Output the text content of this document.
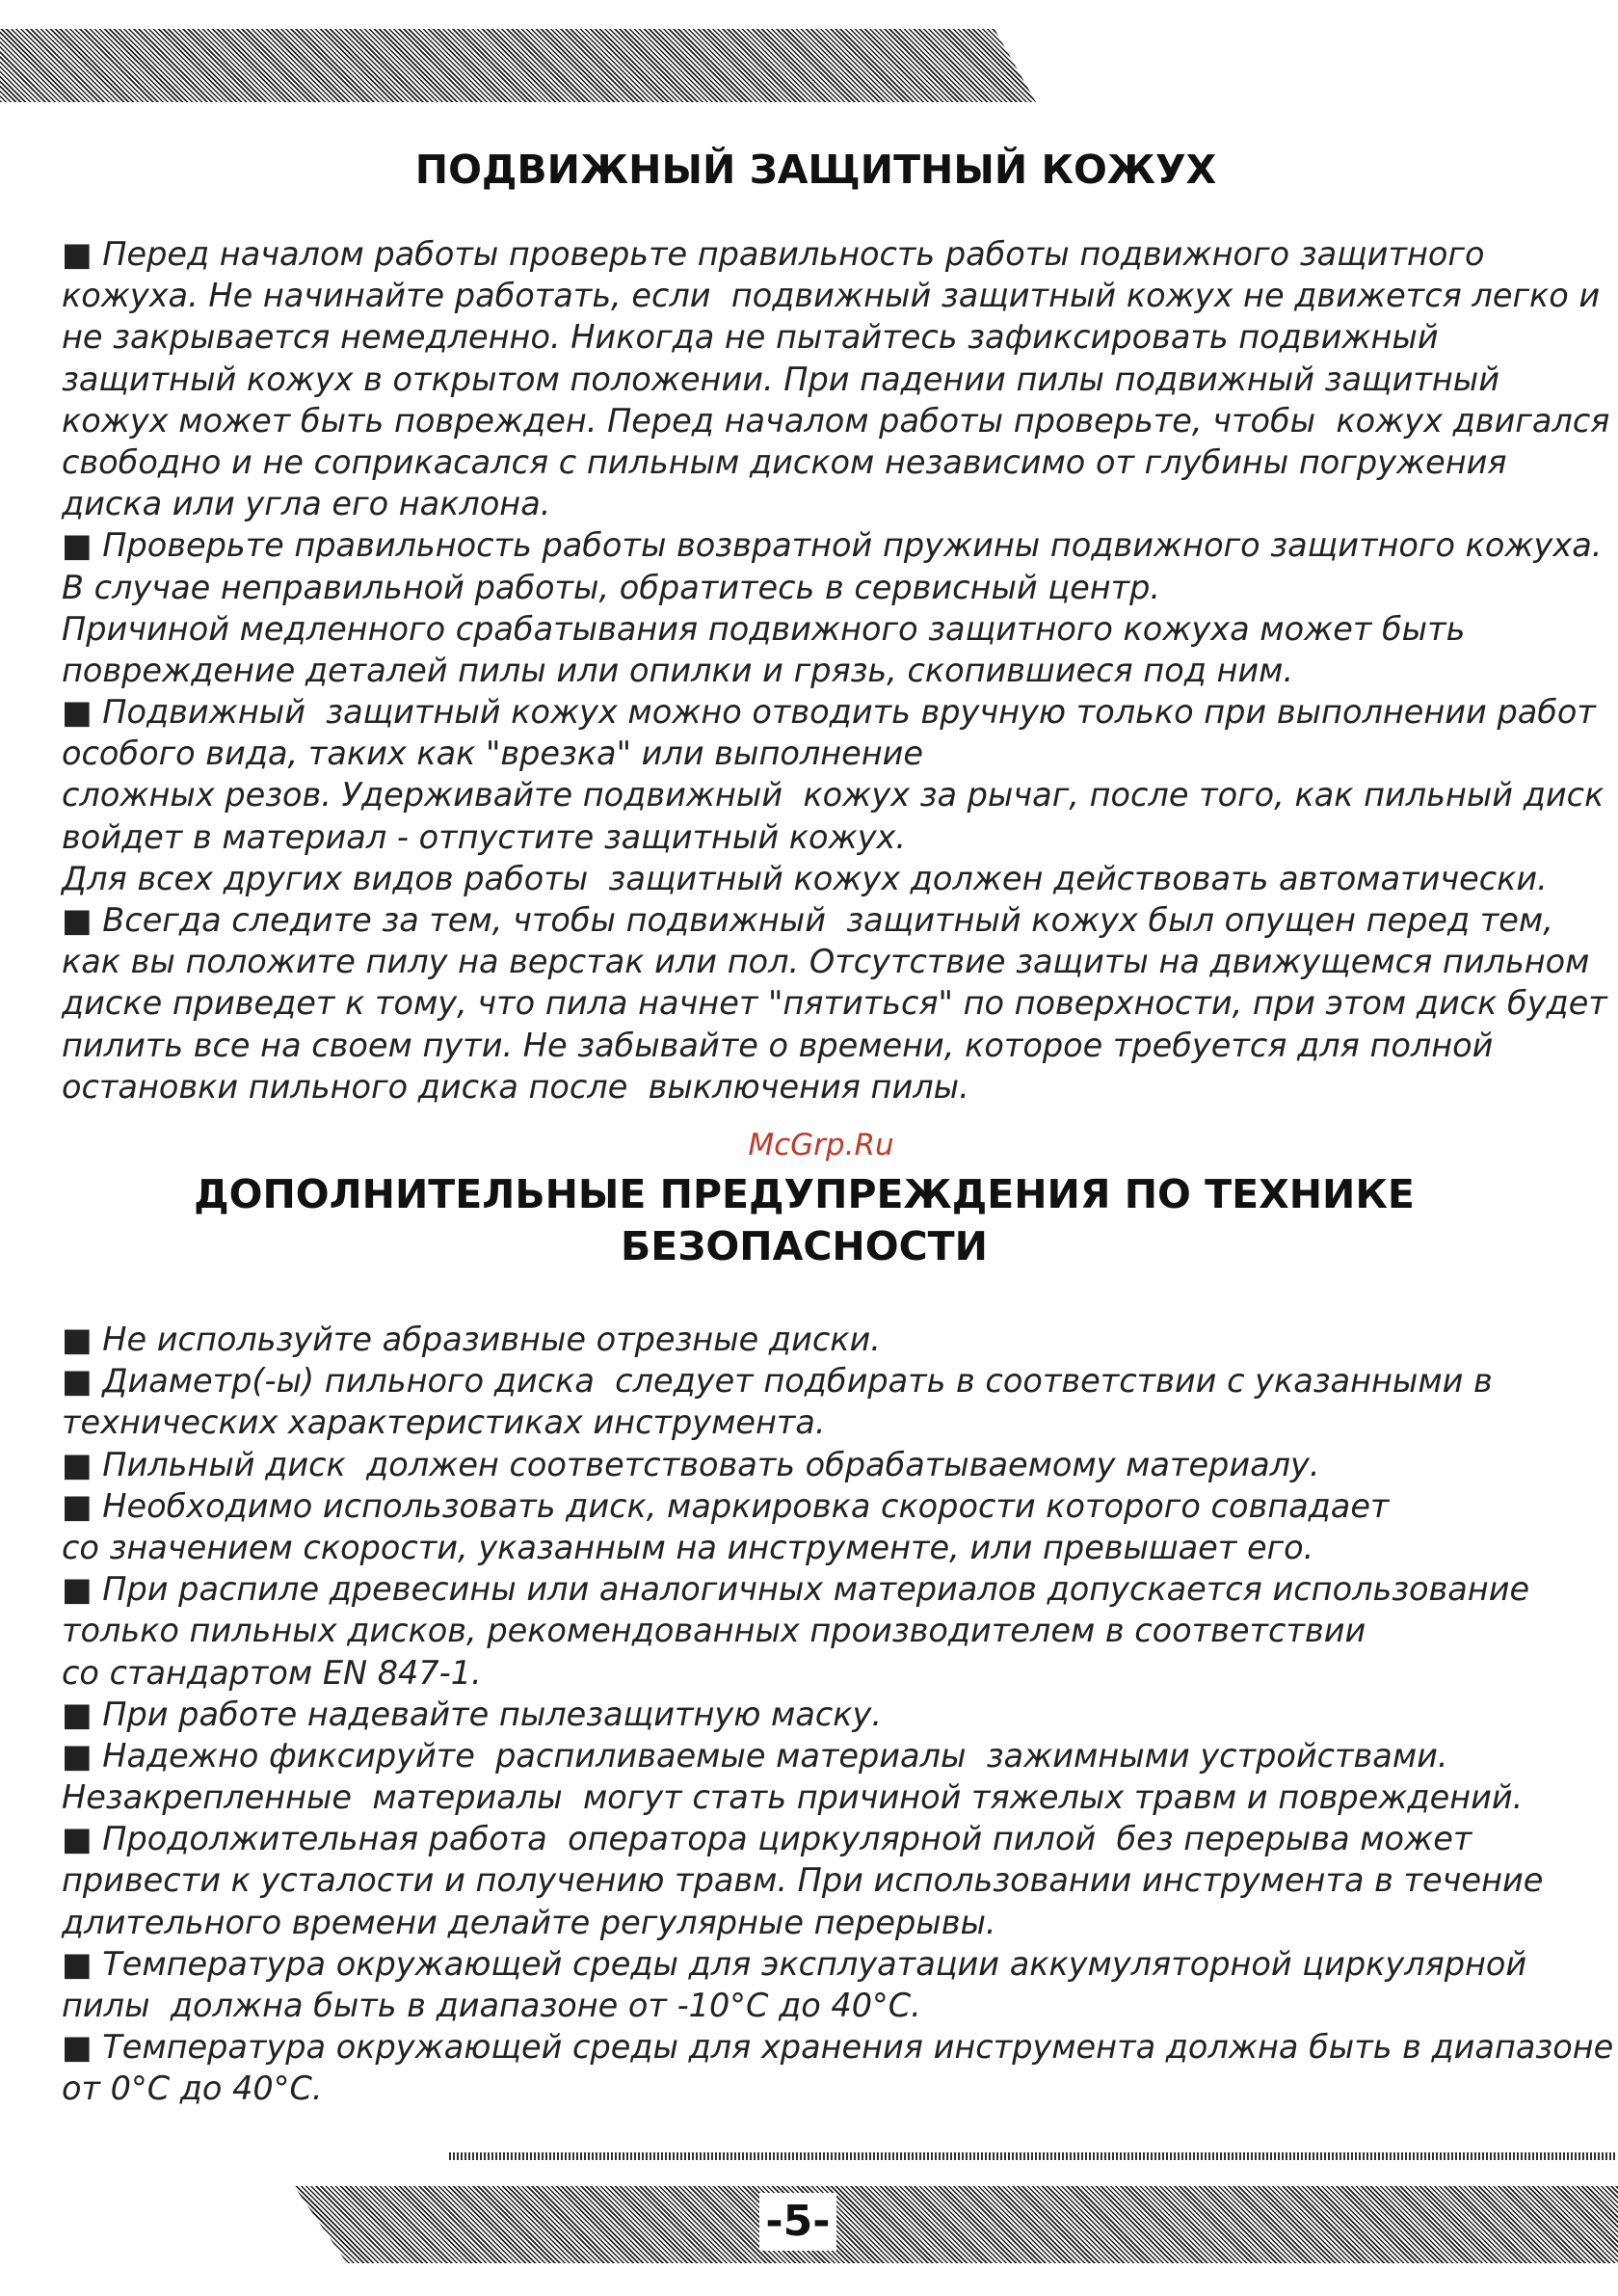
ПОДВИЖНЫЙ ЗАЩИТНЫЙ КОЖУХ
■ Перед началом работы проверьте правильность работы подвижного защитного
кожуха. Не начинайте работать, если  подвижный защитный кожух не движется легко и
не закрывается немедленно. Никогда не пытайтесь зафиксировать подвижный
защитный кожух в открытом положении. При падении пилы подвижный защитный
кожух может быть поврежден. Перед началом работы проверьте, чтобы  кожух двигался
свободно и не соприкасался с пильным диском независимо от глубины погружения
диска или угла его наклона.
■ Проверьте правильность работы возвратной пружины подвижного защитного кожуха.
В случае неправильной работы, обратитесь в сервисный центр.
Причиной медленного срабатывания подвижного защитного кожуха может быть
повреждение деталей пилы или опилки и грязь, скопившиеся под ним.
■ Подвижный  защитный кожух можно отводить вручную только при выполнении работ
особого вида, таких как "врезка" или выполнение
сложных резов. Удерживайте подвижный  кожух за рычаг, после того, как пильный диск
войдет в материал - отпустите защитный кожух.
Для всех других видов работы  защитный кожух должен действовать автоматически.
■ Всегда следите за тем, чтобы подвижный  защитный кожух был опущен перед тем,
как вы положите пилу на верстак или пол. Отсутствие защиты на движущемся пильном
диске приведет к тому, что пила начнет "пятиться" по поверхности, при этом диск будет
пилить все на своем пути. Не забывайте о времени, которое требуется для полной
остановки пильного диска после  выключения пилы.
McGrp.Ru
ДОПОЛНИТЕЛЬНЫЕ ПРЕДУПРЕЖДЕНИЯ ПО ТЕХНИКЕ
БЕЗОПАСНОСТИ
■ Не используйте абразивные отрезные диски.
■ Диаметр(-ы) пильного диска  следует подбирать в соответствии с указанными в
технических характеристиках инструмента.
■ Пильный диск  должен соответствовать обрабатываемому материалу.
■ Необходимо использовать диск, маркировка скорости которого совпадает
со значением скорости, указанным на инструменте, или превышает его.
■ При распиле древесины или аналогичных материалов допускается использование
только пильных дисков, рекомендованных производителем в соответствии
со стандартом EN 847-1.
■ При работе надевайте пылезащитную маску.
■ Надежно фиксируйте  распиливаемые материалы  зажимными устройствами.
Незакрепленные  материалы  могут стать причиной тяжелых травм и повреждений.
■ Продолжительная работа  оператора циркулярной пилой  без перерыва может
привести к усталости и получению травм. При использовании инструмента в течение
длительного времени делайте регулярные перерывы.
■ Температура окружающей среды для эксплуатации аккумуляторной циркулярной
пилы  должна быть в диапазоне от -10°C до 40°C.
■ Температура окружающей среды для хранения инструмента должна быть в диапазоне
от 0°C до 40°C.
-5-
